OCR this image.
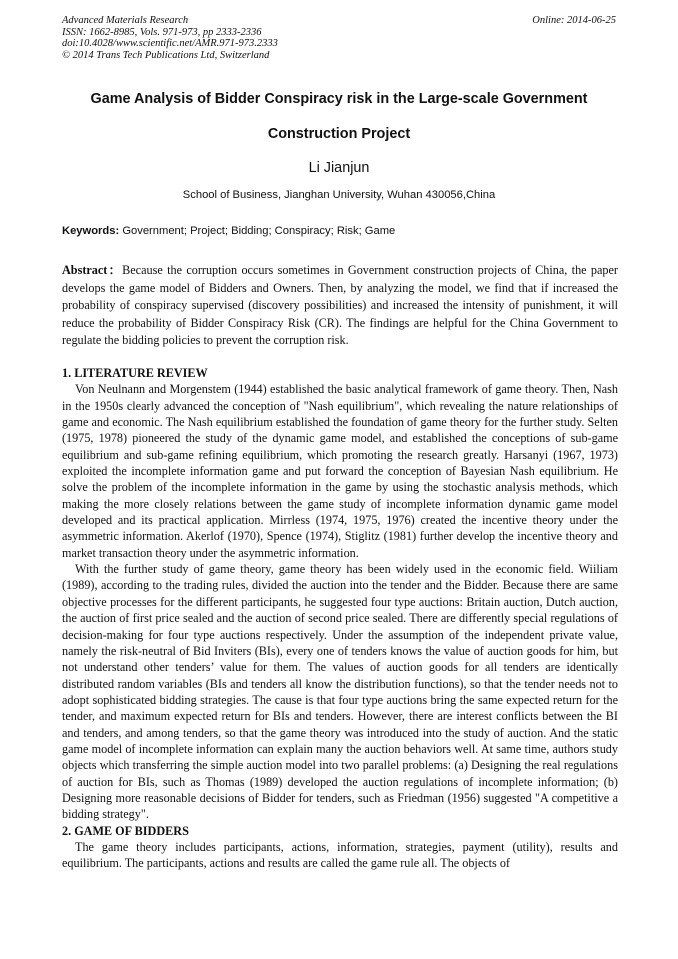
Advanced Materials Research
ISSN: 1662-8985, Vols. 971-973, pp 2333-2336
doi:10.4028/www.scientific.net/AMR.971-973.2333
© 2014 Trans Tech Publications Ltd, Switzerland
Online: 2014-06-25
Game Analysis of Bidder Conspiracy risk in the Large-scale Government
Construction Project
Li Jianjun
School of Business, Jianghan University, Wuhan 430056,China
Keywords: Government; Project; Bidding; Conspiracy; Risk; Game
Abstract：Because the corruption occurs sometimes in Government construction projects of China, the paper develops the game model of Bidders and Owners. Then, by analyzing the model, we find that if increased the probability of conspiracy supervised (discovery possibilities) and increased the intensity of punishment, it will reduce the probability of Bidder Conspiracy Risk (CR). The findings are helpful for the China Government to regulate the bidding policies to prevent the corruption risk.
1. LITERATURE REVIEW

Von Neulnann and Morgenstem (1944) established the basic analytical framework of game theory. Then, Nash in the 1950s clearly advanced the conception of "Nash equilibrium", which revealing the nature relationships of game and economic. The Nash equilibrium established the foundation of game theory for the further study. Selten (1975, 1978) pioneered the study of the dynamic game model, and established the conceptions of sub-game equilibrium and sub-game refining equilibrium, which promoting the research greatly. Harsanyi (1967, 1973) exploited the incomplete information game and put forward the conception of Bayesian Nash equilibrium. He solve the problem of the incomplete information in the game by using the stochastic analysis methods, which making the more closely relations between the game study of incomplete information dynamic game model developed and its practical application. Mirrless (1974, 1975, 1976) created the incentive theory under the asymmetric information. Akerlof (1970), Spence (1974), Stiglitz (1981) further develop the incentive theory and market transaction theory under the asymmetric information.

With the further study of game theory, game theory has been widely used in the economic field. Wiiliam (1989), according to the trading rules, divided the auction into the tender and the Bidder. Because there are same objective processes for the different participants, he suggested four type auctions: Britain auction, Dutch auction, the auction of first price sealed and the auction of second price sealed. There are differently special regulations of decision-making for four type auctions respectively. Under the assumption of the independent private value, namely the risk-neutral of Bid Inviters (BIs), every one of tenders knows the value of auction goods for him, but not understand other tenders’ value for them. The values of auction goods for all tenders are identically distributed random variables (BIs and tenders all know the distribution functions), so that the tender needs not to adopt sophisticated bidding strategies. The cause is that four type auctions bring the same expected return for the tender, and maximum expected return for BIs and tenders. However, there are interest conflicts between the BI and tenders, and among tenders, so that the game theory was introduced into the study of auction. And the static game model of incomplete information can explain many the auction behaviors well. At same time, authors study objects which transferring the simple auction model into two parallel problems: (a) Designing the real regulations of auction for BIs, such as Thomas (1989) developed the auction regulations of incomplete information; (b) Designing more reasonable decisions of Bidder for tenders, such as Friedman (1956) suggested "A competitive a bidding strategy".

2. GAME OF BIDDERS

The game theory includes participants, actions, information, strategies, payment (utility), results and equilibrium. The participants, actions and results are called the game rule all. The objects of
